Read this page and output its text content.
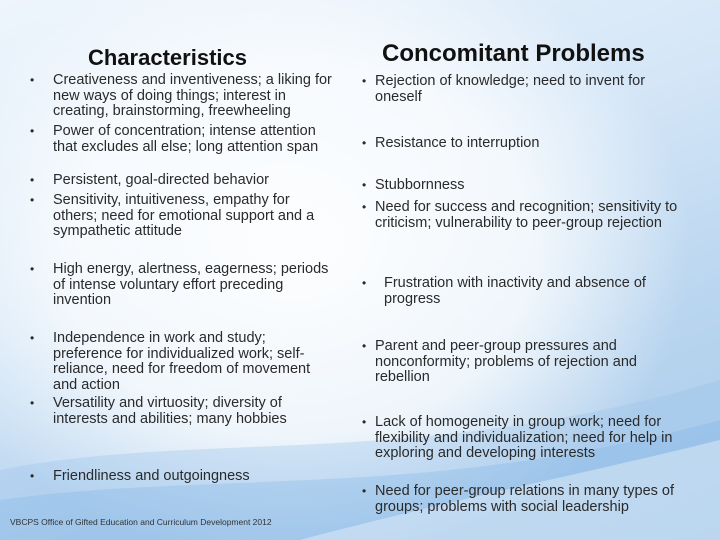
Characteristics	Concomitant Problems
•	Creativeness and inventiveness; a liking for new ways of doing things; interest in creating, brainstorming, freewheeling
•	Power of concentration; intense attention that excludes all else; long attention span
•	Persistent, goal-directed behavior
•	Sensitivity, intuitiveness, empathy for others; need for emotional support and a sympathetic attitude
•	High energy, alertness, eagerness; periods of intense voluntary effort preceding invention
•	Independence in work and study; preference for individualized work; self-reliance, need for freedom of movement and action
•	Versatility and virtuosity; diversity of interests and abilities; many hobbies
•	Friendliness and outgoingness
• Rejection of knowledge; need to invent for oneself
• Resistance to interruption
• Stubbornness
• Need for success and recognition; sensitivity to criticism; vulnerability to peer-group rejection
•	Frustration with inactivity and absence of progress
• Parent and peer-group pressures and nonconformity; problems of rejection and rebellion
• Lack of homogeneity in group work; need for flexibility and individualization; need for help in exploring and developing interests
• Need for peer-group relations in many types of groups; problems with social leadership
VBCPS Office of Gifted Education and Curriculum Development 2012
